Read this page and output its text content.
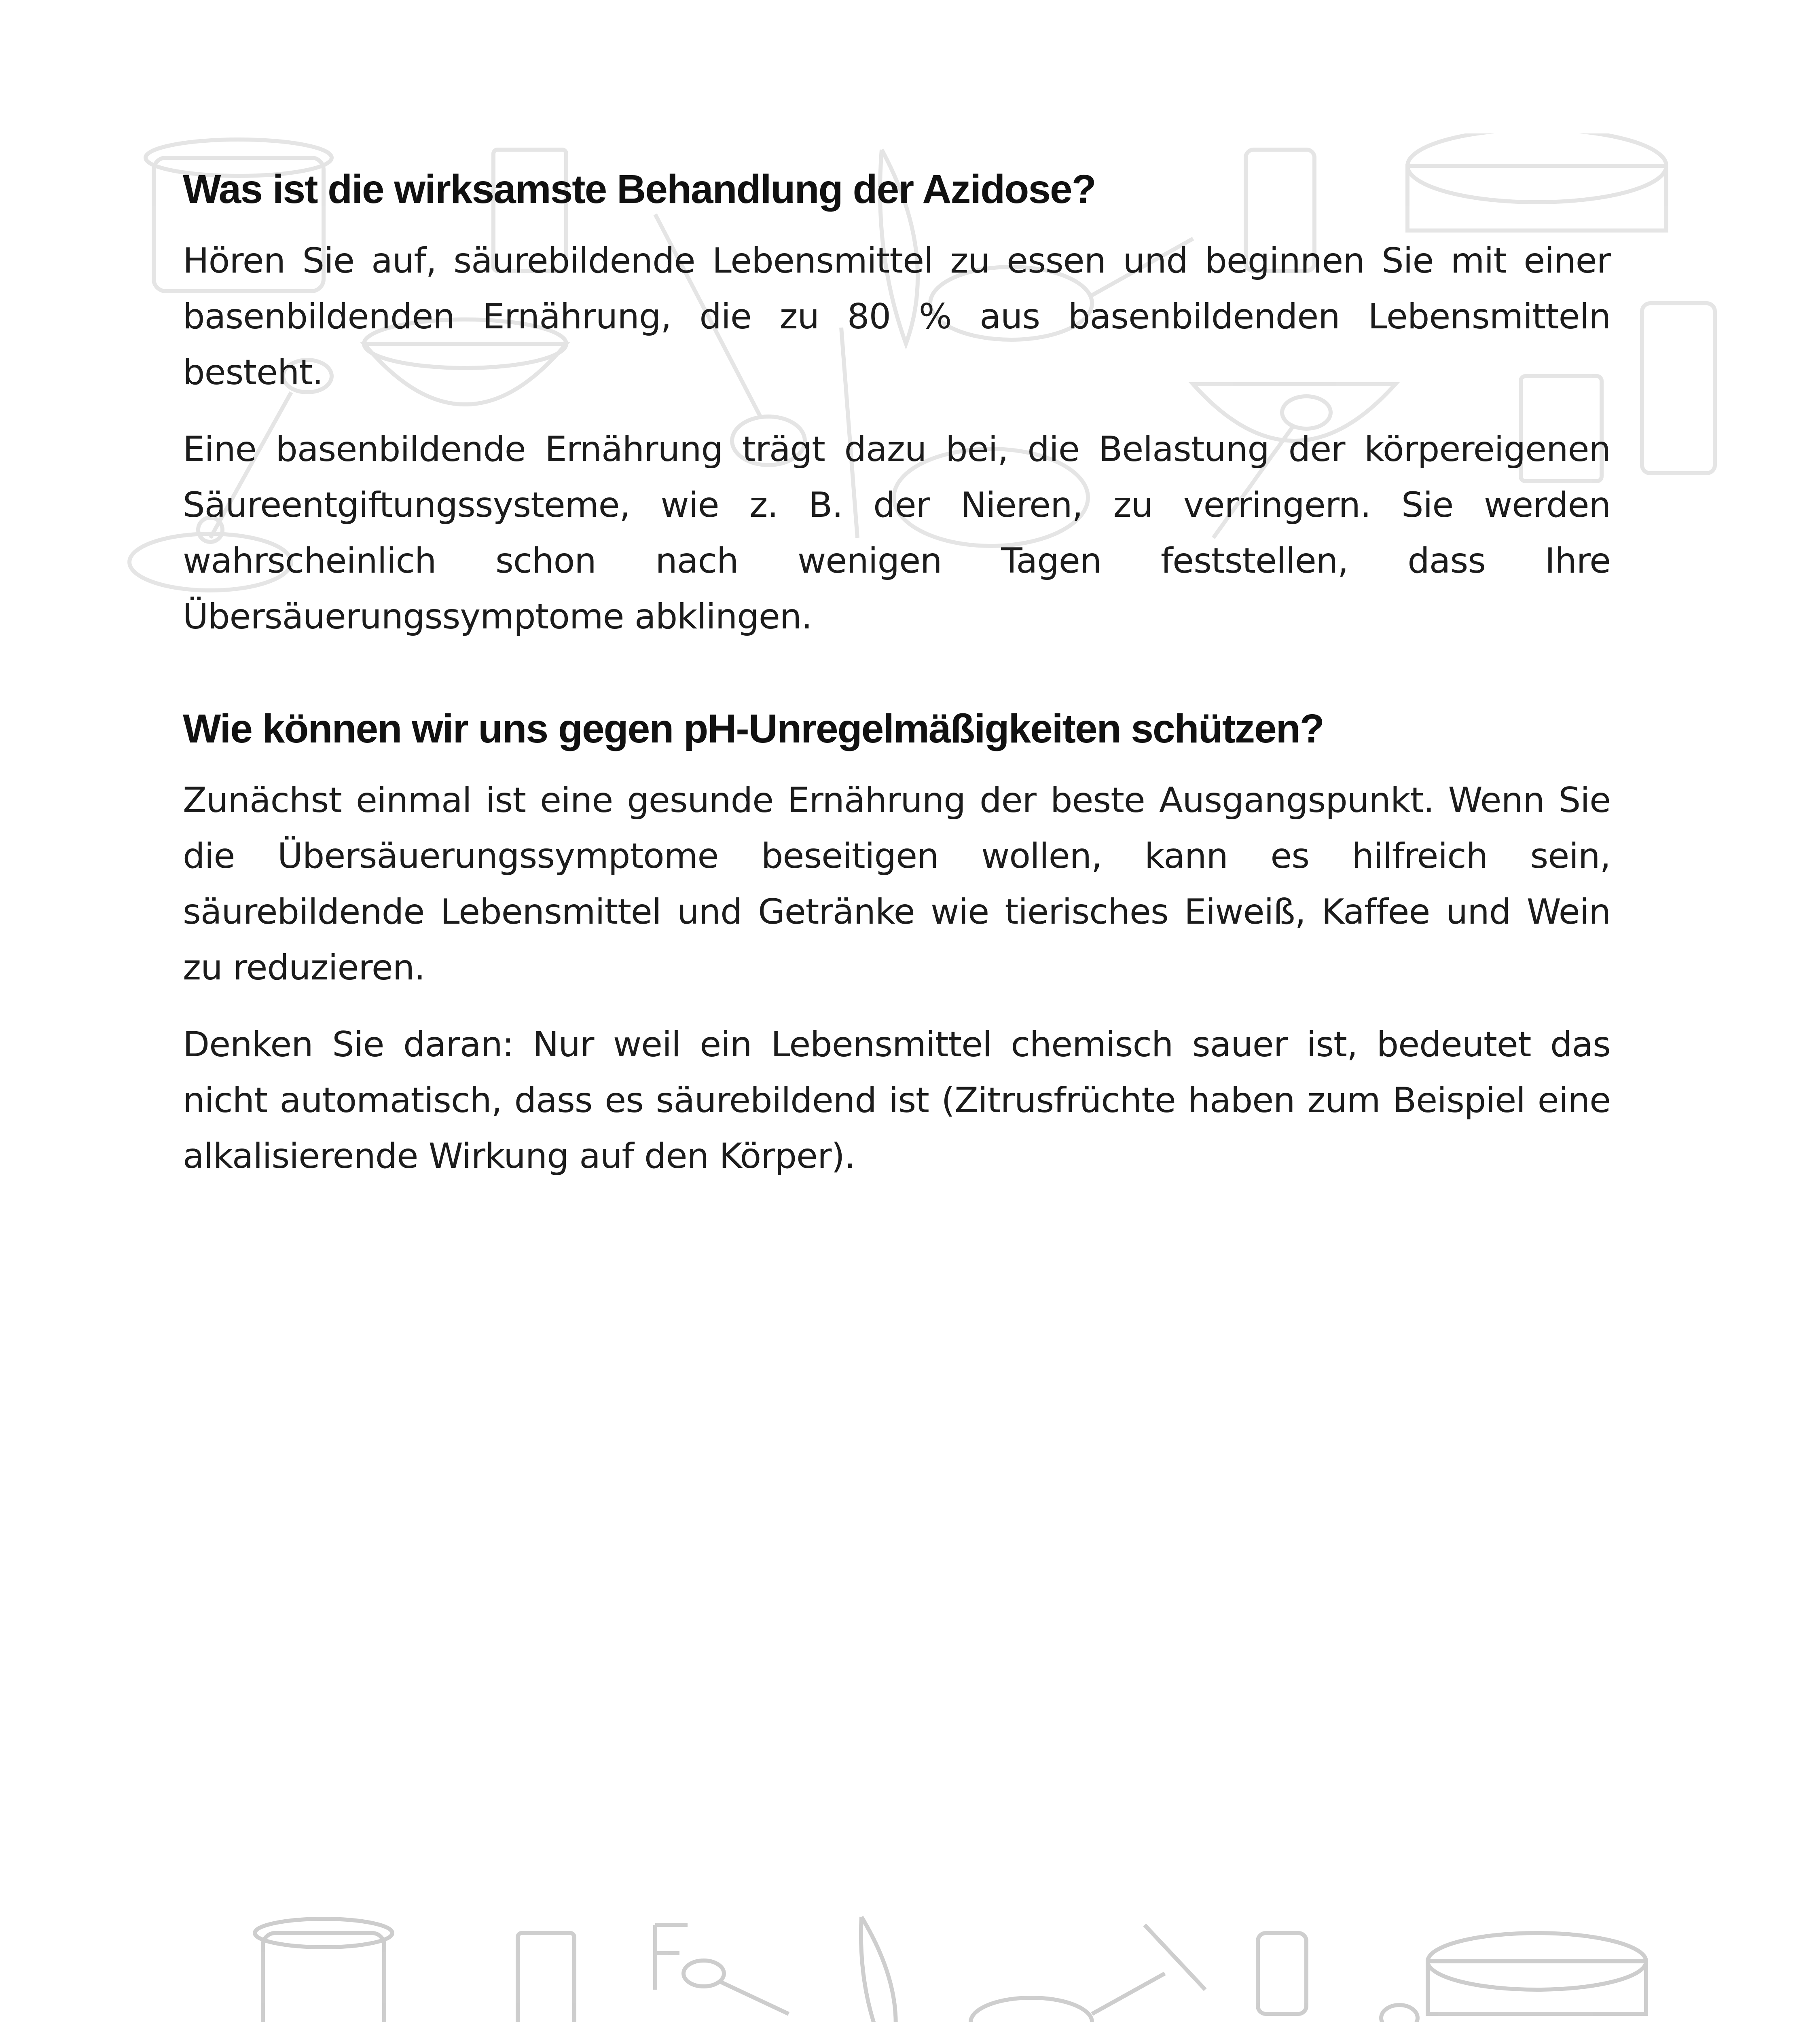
Was ist die wirksamste Behandlung der Azidose?

Hören Sie auf, säurebildende Lebensmittel zu essen und beginnen Sie mit einer basenbildenden Ernährung, die zu 80 % aus basenbildenden Lebensmitteln besteht.

Eine basenbildende Ernährung trägt dazu bei, die Belastung der körpereigenen Säureentgiftungssysteme, wie z. B. der Nieren, zu verringern. Sie werden wahrscheinlich schon nach wenigen Tagen feststellen, dass Ihre Übersäuerungssymptome abklingen.

Wie können wir uns gegen pH-Unregelmäßigkeiten schützen?

Zunächst einmal ist eine gesunde Ernährung der beste Ausgangspunkt. Wenn Sie die Übersäuerungssymptome beseitigen wollen, kann es hilfreich sein, säurebildende Lebensmittel und Getränke wie tierisches Eiweiß, Kaffee und Wein zu reduzieren.

Denken Sie daran: Nur weil ein Lebensmittel chemisch sauer ist, bedeutet das nicht automatisch, dass es säurebildend ist (Zitrusfrüchte haben zum Beispiel eine alkalisierende Wirkung auf den Körper).
